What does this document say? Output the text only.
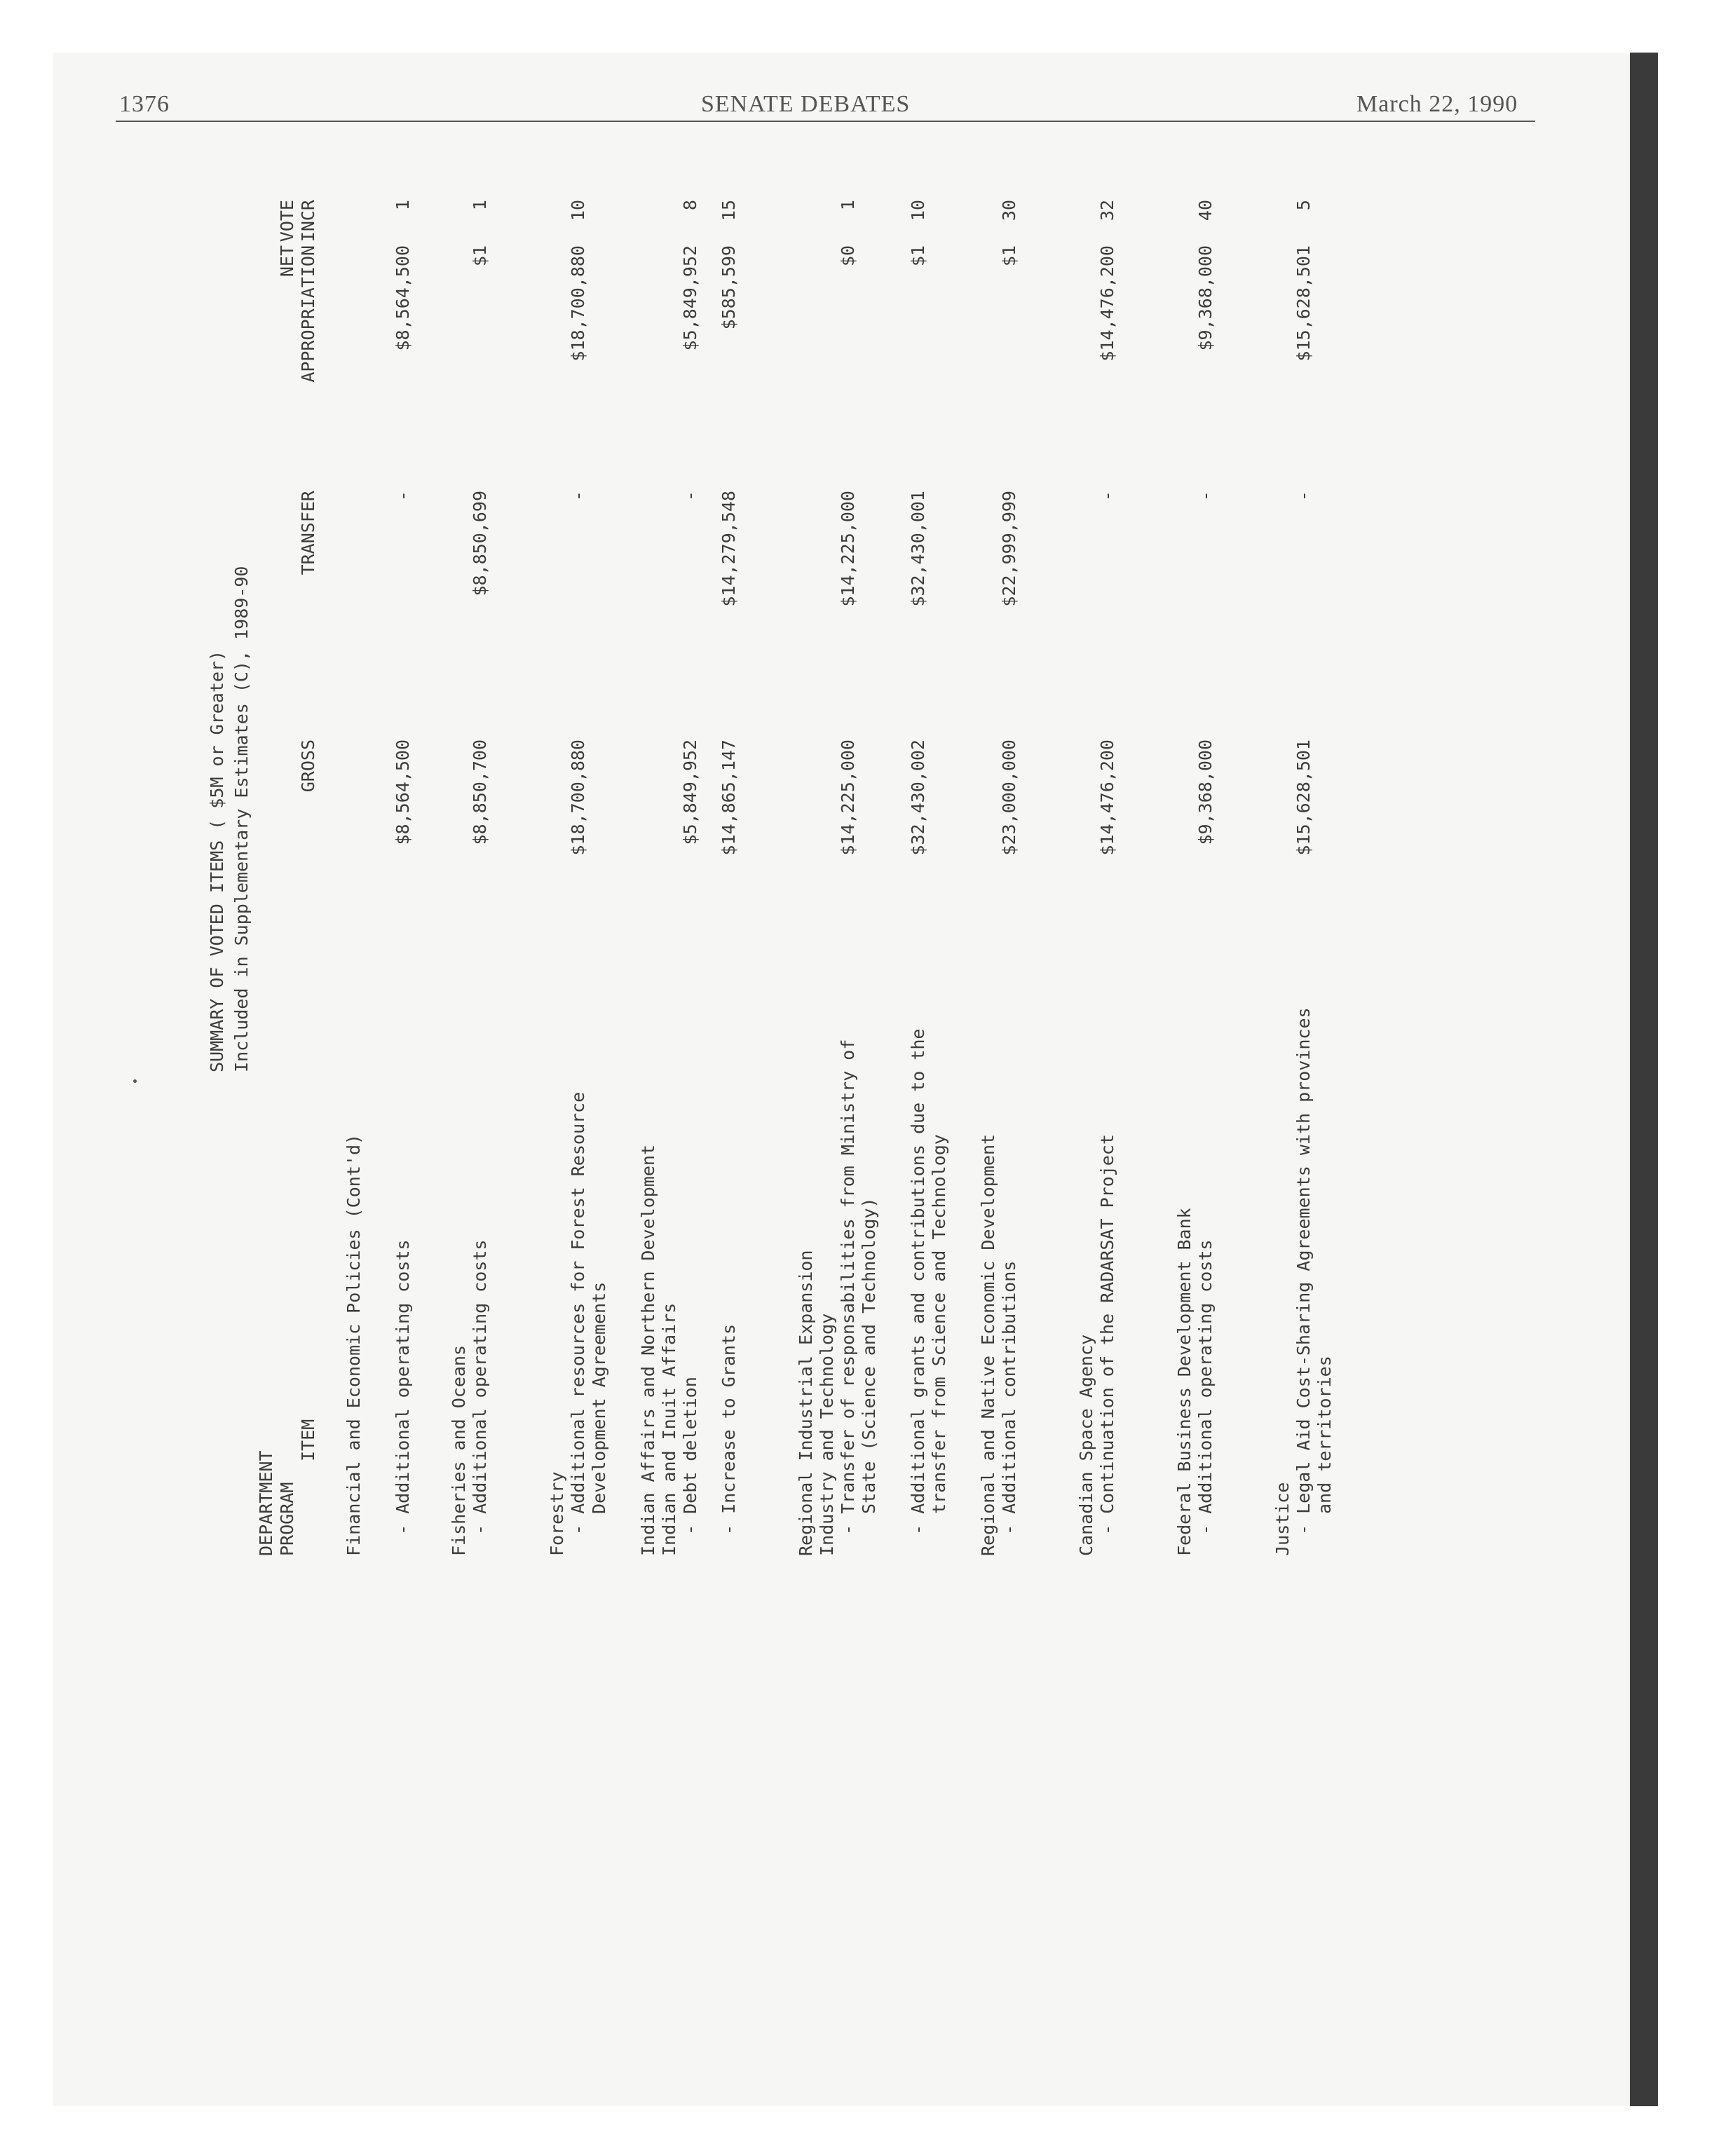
1376	SENATE DEBATES	March 22, 1990
SUMMARY OF VOTED ITEMS ( $5M or Greater) Included in Supplementary Estimates (C), 1989-90
DEPARTMENT PROGRAM
ITEM
GROSS
TRANSFER
NET APPROPRIATION
VOTE INCR
Financial and Economic Policies (Cont'd) - Additional operating costs
$8,564,500
-
$8,564,500
1
Fisheries and Oceans - Additional operating costs
$8,850,700
$8,850,699
$1
1
Forestry - Additional resources for Forest Resource Development Agreements
$18,700,880
-
$18,700,880
10
Indian Affairs and Northern Development Indian and Inuit Affairs - Debt deletion
$5,849,952
-
$5,849,952
8
- Increase to Grants
$14,865,147
$14,279,548
$585,599
15
Regional Industrial Expansion Industry and Technology - Transfer of responsabilities from Ministry of State (Science and Technology)
$14,225,000
$14,225,000
$0
1
- Additional grants and contributions due to the transfer from Science and Technology
$32,430,002
$32,430,001
$1
10
Regional and Native Economic Development - Additional contributions
$23,000,000
$22,999,999
$1
30
Canadian Space Agency - Continuation of the RADARSAT Project
$14,476,200
-
$14,476,200
32
Federal Business Development Bank - Additional operating costs
$9,368,000
-
$9,368,000
40
Justice - Legal Aid Cost-Sharing Agreements with provinces and territories
$15,628,501
-
$15,628,501
5
